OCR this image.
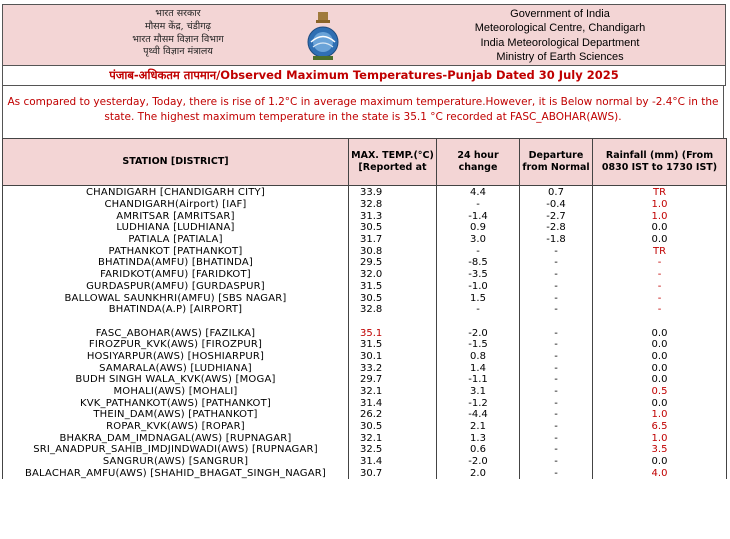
भारत सरकार
मौसम केंद्र, चंडीगढ़
भारत मौसम विज्ञान विभाग
पृथ्वी विज्ञान मंत्रालय
Government of India
Meteorological Centre, Chandigarh
India Meteorological Department
Ministry of Earth Sciences
पंजाब-अधिकतम तापमान/Observed Maximum Temperatures-Punjab Dated 30 July 2025
As compared to yesterday, Today, there is rise of 1.2°C in average maximum temperature.However, it is Below normal by -2.4°C in the state. The highest maximum temperature in the state is 35.1 °C recorded at FASC_ABOHAR(AWS).
STATION [DISTRICT]	MAX. TEMP.(°C) [Reported at	24 hour change	Departure from Normal	Rainfall (mm) (From 0830 IST to 1730 IST)
CHANDIGARH [CHANDIGARH CITY]	33.9	4.4	0.7	TR
CHANDIGARH(Airport) [IAF]	32.8	-	-0.4	1.0
AMRITSAR [AMRITSAR]	31.3	-1.4	-2.7	1.0
LUDHIANA [LUDHIANA]	30.5	0.9	-2.8	0.0
PATIALA [PATIALA]	31.7	3.0	-1.8	0.0
PATHANKOT [PATHANKOT]	30.8	-	-	TR
BHATINDA(AMFU) [BHATINDA]	29.5	-8.5	-	-
FARIDKOT(AMFU) [FARIDKOT]	32.0	-3.5	-	-
GURDASPUR(AMFU) [GURDASPUR]	31.5	-1.0	-	-
BALLOWAL SAUNKHRI(AMFU) [SBS NAGAR]	30.5	1.5	-	-
BHATINDA(A.P) [AIRPORT]	32.8	-	-	-

FASC_ABOHAR(AWS) [FAZILKA]	35.1	-2.0	-	0.0
FIROZPUR_KVK(AWS) [FIROZPUR]	31.5	-1.5	-	0.0
HOSIYARPUR(AWS) [HOSHIARPUR]	30.1	0.8	-	0.0
SAMARALA(AWS) [LUDHIANA]	33.2	1.4	-	0.0
BUDH SINGH WALA_KVK(AWS) [MOGA]	29.7	-1.1	-	0.0
MOHALI(AWS) [MOHALI]	32.1	3.1	-	0.5
KVK_PATHANKOT(AWS) [PATHANKOT]	31.4	-1.2	-	0.0
THEIN_DAM(AWS) [PATHANKOT]	26.2	-4.4	-	1.0
ROPAR_KVK(AWS) [ROPAR]	30.5	2.1	-	6.5
BHAKRA_DAM_IMDNAGAL(AWS) [RUPNAGAR]	32.1	1.3	-	1.0
SRI_ANADPUR_SAHIB_IMDJINDWADI(AWS) [RUPNAGAR]	32.5	0.6	-	3.5
SANGRUR(AWS) [SANGRUR]	31.4	-2.0	-	0.0
BALACHAR_AMFU(AWS) [SHAHID_BHAGAT_SINGH_NAGAR]	30.7	2.0	-	4.0
